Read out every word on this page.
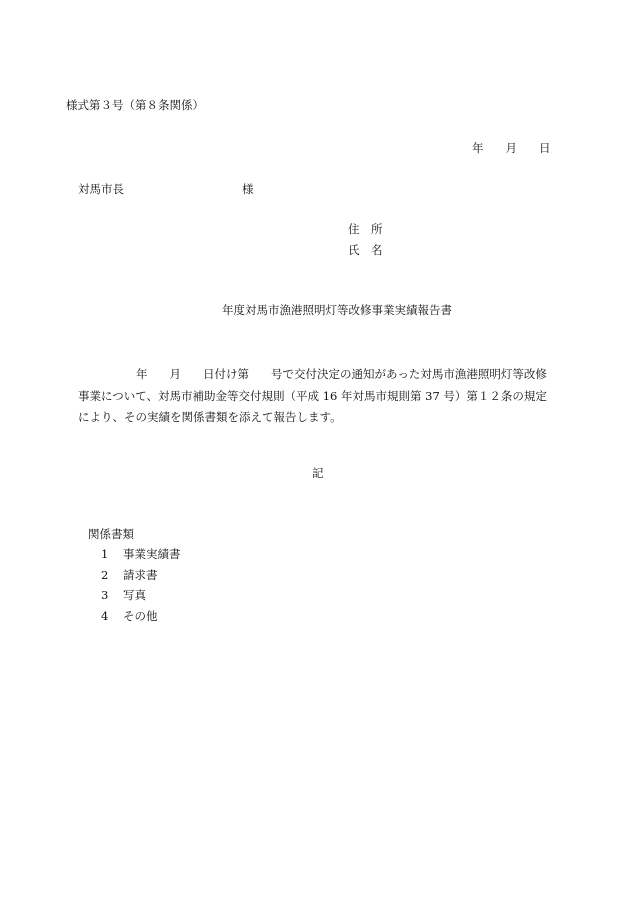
様式第３号（第８条関係）
年 月 日
対馬市長	様
住　所
氏　名
年度対馬市漁港照明灯等改修事業実績報告書
年 月 日付け第 号で交付決定の通知があった対馬市漁港照明灯等改修事業について、対馬市補助金等交付規則（平成 16 年対馬市規則第 37 号）第１２条の規定により、その実績を関係書類を添えて報告します。
記
関係書類
1 事業実績書
2 請求書
3 写真
4 その他
